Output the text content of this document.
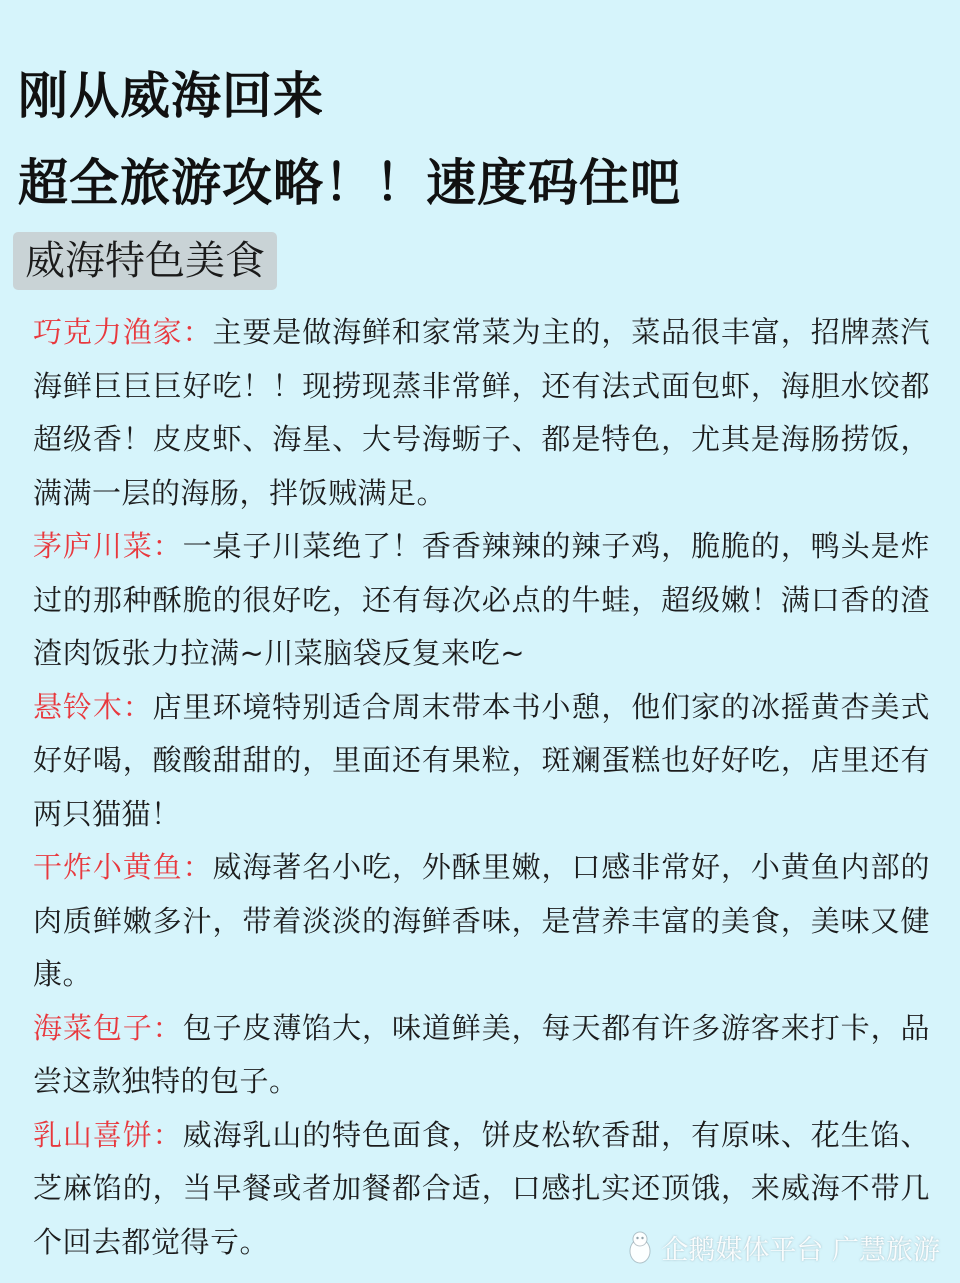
刚从威海回来
超全旅游攻略！！速度码住吧
威海特色美食

巧克力渔家：主要是做海鲜和家常菜为主的，菜品很丰富，招牌蒸汽海鲜巨巨巨好吃！！现捞现蒸非常鲜，还有法式面包虾，海胆水饺都超级香！皮皮虾、海星、大号海蛎子、都是特色，尤其是海肠捞饭，满满一层的海肠，拌饭贼满足。

茅庐川菜：一桌子川菜绝了！香香辣辣的辣子鸡，脆脆的，鸭头是炸过的那种酥脆的很好吃，还有每次必点的牛蛙，超级嫩！满口香的渣渣肉饭张力拉满~川菜脑袋反复来吃~

悬铃木：店里环境特别适合周末带本书小憩，他们家的冰摇黄杏美式好好喝，酸酸甜甜的，里面还有果粒，斑斓蛋糕也好好吃，店里还有两只猫猫！

干炸小黄鱼：威海著名小吃，外酥里嫩，口感非常好，小黄鱼内部的肉质鲜嫩多汁，带着淡淡的海鲜香味，是营养丰富的美食，美味又健康。

海菜包子：包子皮薄馅大，味道鲜美，每天都有许多游客来打卡，品尝这款独特的包子。

乳山喜饼：威海乳山的特色面食，饼皮松软香甜，有原味、花生馅、芝麻馅的，当早餐或者加餐都合适，口感扎实还顶饿，来威海不带几个回去都觉得亏。	企鹅媒体平台 广慧旅游
